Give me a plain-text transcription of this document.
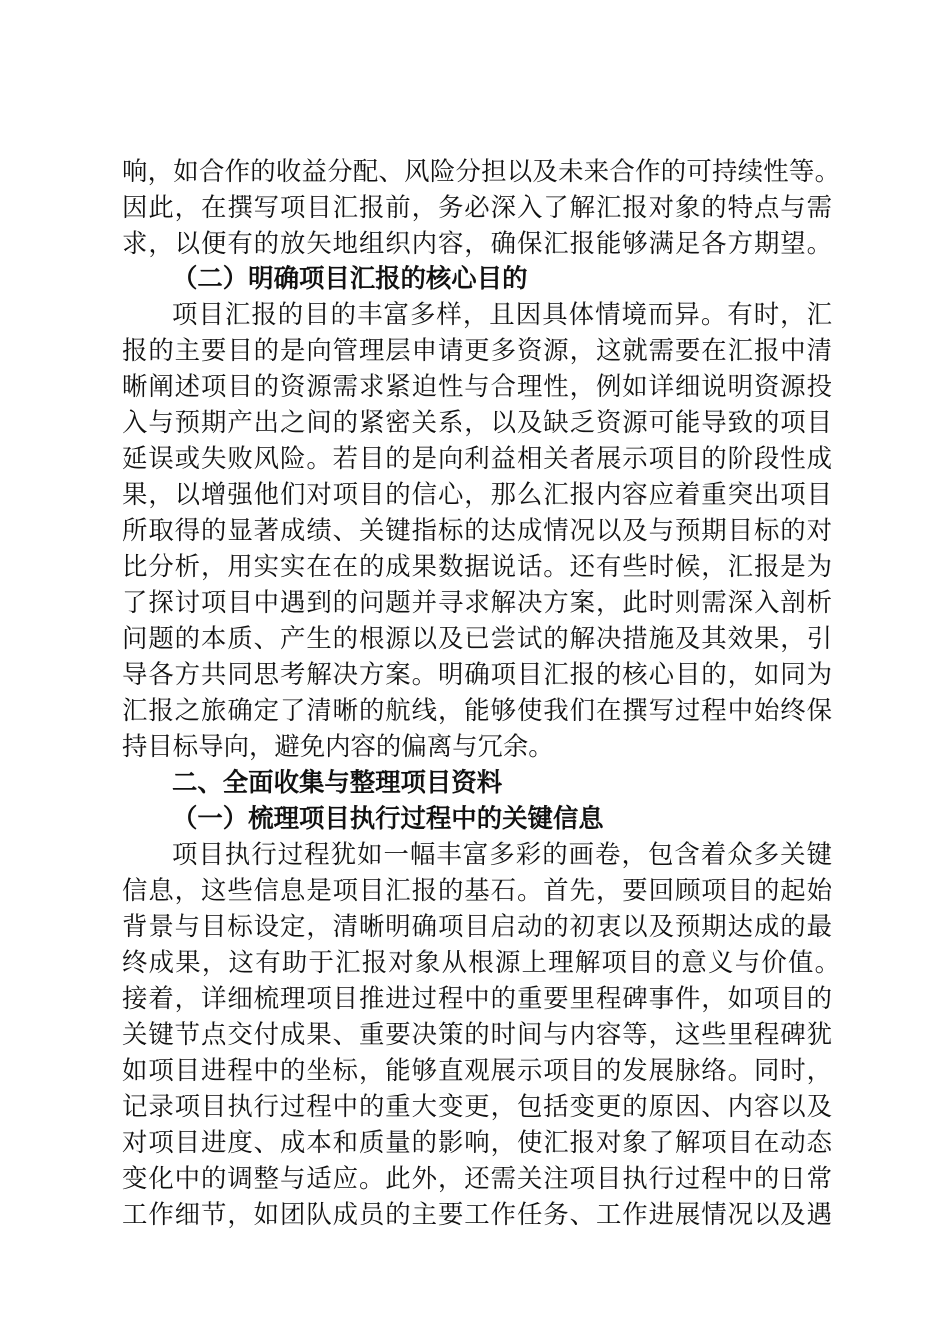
响，如合作的收益分配、风险分担以及未来合作的可持续性等。
因此，在撰写项目汇报前，务必深入了解汇报对象的特点与需
求，以便有的放矢地组织内容，确保汇报能够满足各方期望。
（二）明确项目汇报的核心目的
项目汇报的目的丰富多样，且因具体情境而异。有时，汇
报的主要目的是向管理层申请更多资源，这就需要在汇报中清
晰阐述项目的资源需求紧迫性与合理性，例如详细说明资源投
入与预期产出之间的紧密关系，以及缺乏资源可能导致的项目
延误或失败风险。若目的是向利益相关者展示项目的阶段性成
果，以增强他们对项目的信心，那么汇报内容应着重突出项目
所取得的显著成绩、关键指标的达成情况以及与预期目标的对
比分析，用实实在在的成果数据说话。还有些时候，汇报是为
了探讨项目中遇到的问题并寻求解决方案，此时则需深入剖析
问题的本质、产生的根源以及已尝试的解决措施及其效果，引
导各方共同思考解决方案。明确项目汇报的核心目的，如同为
汇报之旅确定了清晰的航线，能够使我们在撰写过程中始终保
持目标导向，避免内容的偏离与冗余。
二、全面收集与整理项目资料
（一）梳理项目执行过程中的关键信息
项目执行过程犹如一幅丰富多彩的画卷，包含着众多关键
信息，这些信息是项目汇报的基石。首先，要回顾项目的起始
背景与目标设定，清晰明确项目启动的初衷以及预期达成的最
终成果，这有助于汇报对象从根源上理解项目的意义与价值。
接着，详细梳理项目推进过程中的重要里程碑事件，如项目的
关键节点交付成果、重要决策的时间与内容等，这些里程碑犹
如项目进程中的坐标，能够直观展示项目的发展脉络。同时，
记录项目执行过程中的重大变更，包括变更的原因、内容以及
对项目进度、成本和质量的影响，使汇报对象了解项目在动态
变化中的调整与适应。此外，还需关注项目执行过程中的日常
工作细节，如团队成员的主要工作任务、工作进展情况以及遇
